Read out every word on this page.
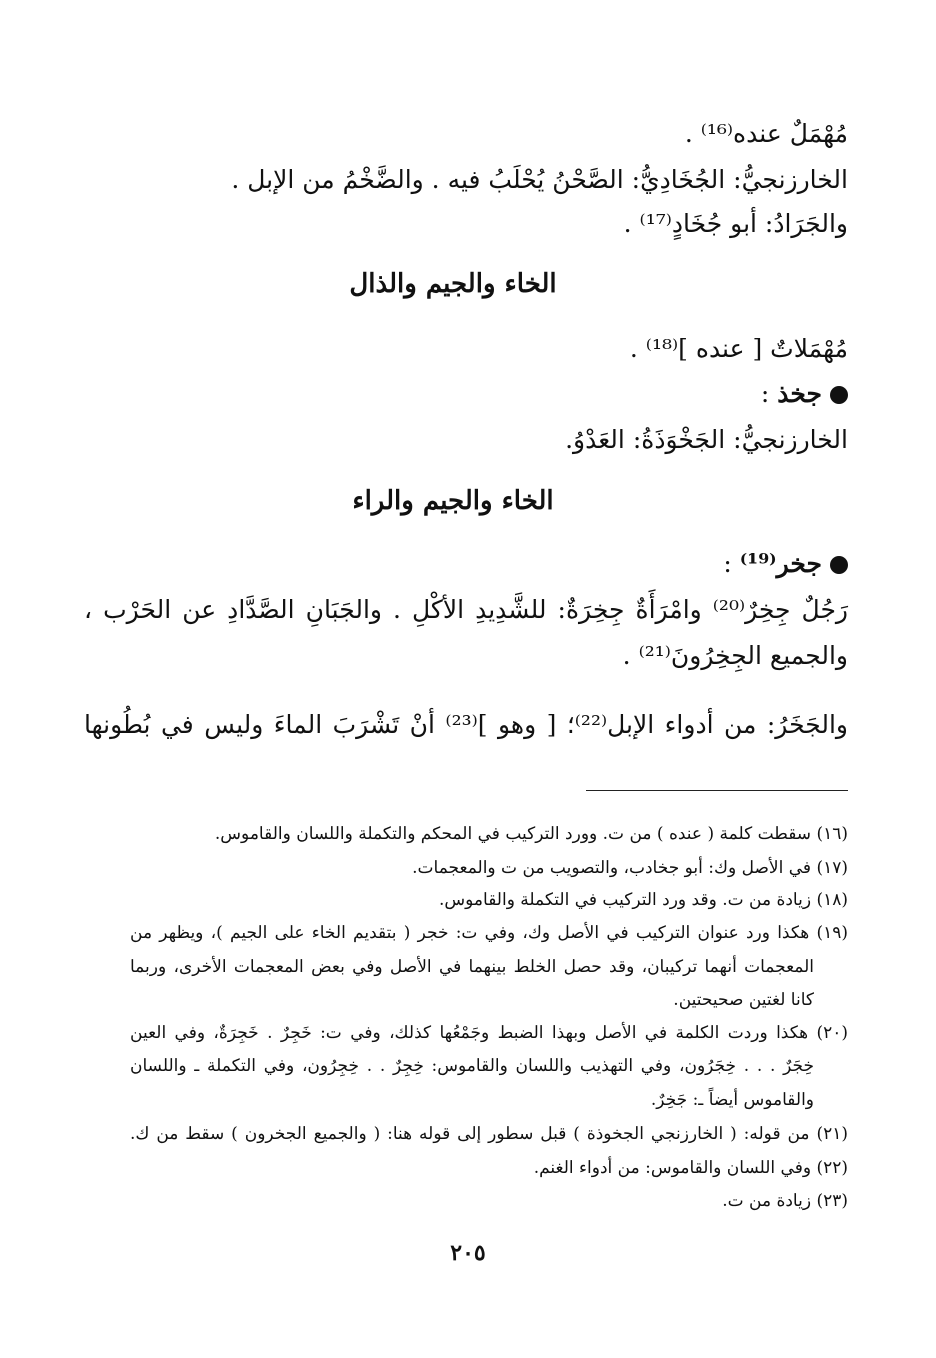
مُهْمَلٌ عنده⁽¹⁶⁾ .
الخارزنجيُّ: الجُخَادِيُّ: الصَّحْنُ يُحْلَبُ فيه . والضَّخْمُ من الإبل .
والجَرَادُ: أبو جُخَادٍ⁽¹⁷⁾ .
الخاء والجيم والذال
مُهْمَلاتٌ [ عنده ]⁽¹⁸⁾ .
جخذ :
الخارزنجيُّ: الجَخْوَذَةُ: العَدْوُ.
الخاء والجيم والراء
جخر⁽¹⁹⁾ :
رَجُلٌ جِخِرٌ⁽²⁰⁾ وامْرَأَةٌ جِخِرَةٌ: للشَّدِيدِ الأكْلِ . والجَبَانِ الصَّدَّادِ عن الحَرْب ،
والجميع الجِخِرُونَ⁽²¹⁾ .
والجَخَرُ: من أدواء الإبل⁽²²⁾؛ [ وهو ]⁽²³⁾ أنْ تَشْرَبَ الماءَ وليس في بُطُونها
(١٦) سقطت كلمة ( عنده ) من ت. وورد التركيب في المحكم والتكملة واللسان والقاموس.
(١٧) في الأصل وك: أبو جخادب، والتصويب من ت والمعجمات.
(١٨) زيادة من ت. وقد ورد التركيب في التكملة والقاموس.
(١٩) هكذا ورد عنوان التركيب في الأصل وك، وفي ت: خجر ( بتقديم الخاء على الجيم )، ويظهر من
المعجمات أنهما تركيبان، وقد حصل الخلط بينهما في الأصل وفي بعض المعجمات الأخرى، وربما
كانا لغتين صحيحتين.
(٢٠) هكذا وردت الكلمة في الأصل وبهذا الضبط وجَمْعُها كذلك، وفي ت: خَجِرٌ . خَجِرَةٌ، وفي العين
خِجَرٌ . . . خِجَرُون، وفي التهذيب واللسان والقاموس: خِجِرٌ . . خِجِرُون، وفي التكملة ـ واللسان
والقاموس أيضاً ـ: جَخِرٌ.
(٢١) من قوله: ( الخارزنجي الجخوذة ) قبل سطور إلى قوله هنا: ( والجميع الجخرون ) سقط من ك.
(٢٢) وفي اللسان والقاموس: من أدواء الغنم.
(٢٣) زيادة من ت.
٢٠٥
